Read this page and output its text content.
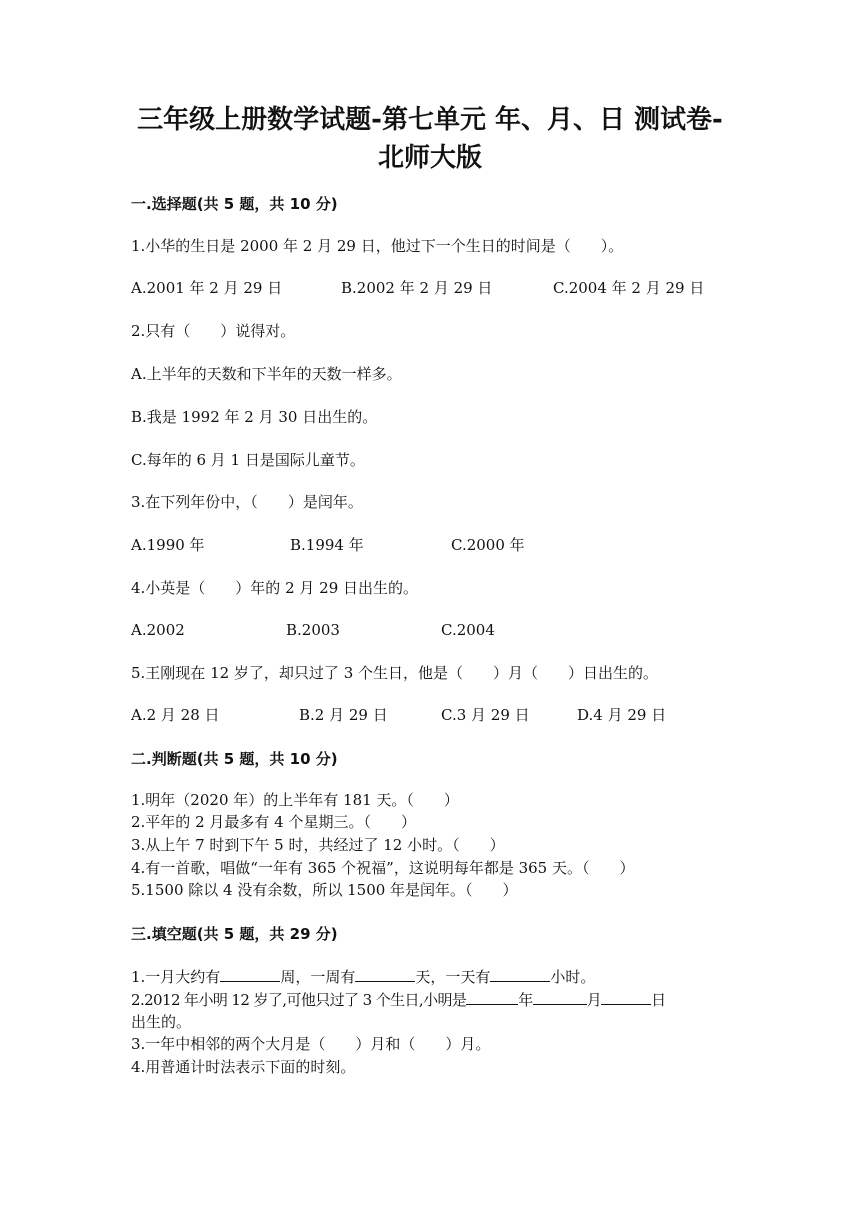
三年级上册数学试题-第七单元 年、月、日 测试卷-
北师大版
一.选择题(共 5 题，共 10 分)
1.小华的生日是 2000 年 2 月 29 日，他过下一个生日的时间是（　　）。
A.2001 年 2 月 29 日	B.2002 年 2 月 29 日	C.2004 年 2 月 29 日
2.只有（　　）说得对。
A.上半年的天数和下半年的天数一样多。
B.我是 1992 年 2 月 30 日出生的。
C.每年的 6 月 1 日是国际儿童节。
3.在下列年份中，（　　）是闰年。
A.1990 年	B.1994 年	C.2000 年
4.小英是（　　）年的 2 月 29 日出生的。
A.2002	B.2003	C.2004
5.王刚现在 12 岁了，却只过了 3 个生日，他是（　　）月（　　）日出生的。
A.2 月 28 日	B.2 月 29 日	C.3 月 29 日	D.4 月 29 日
二.判断题(共 5 题，共 10 分)
1.明年（2020 年）的上半年有 181 天。（　　）
2.平年的 2 月最多有 4 个星期三。（　　）
3.从上午 7 时到下午 5 时，共经过了 12 小时。（　　）
4.有一首歌，唱做“一年有 365 个祝福”，这说明每年都是 365 天。（　　）
5.1500 除以 4 没有余数，所以 1500 年是闰年。（　　）
三.填空题(共 5 题，共 29 分)
1.一月大约有	周，一周有	天，一天有	小时。
2.2012 年小明 12 岁了,可他只过了 3 个生日,小明是	年	月	日
出生的。
3.一年中相邻的两个大月是（　　）月和（　　）月。
4.用普通计时法表示下面的时刻。
